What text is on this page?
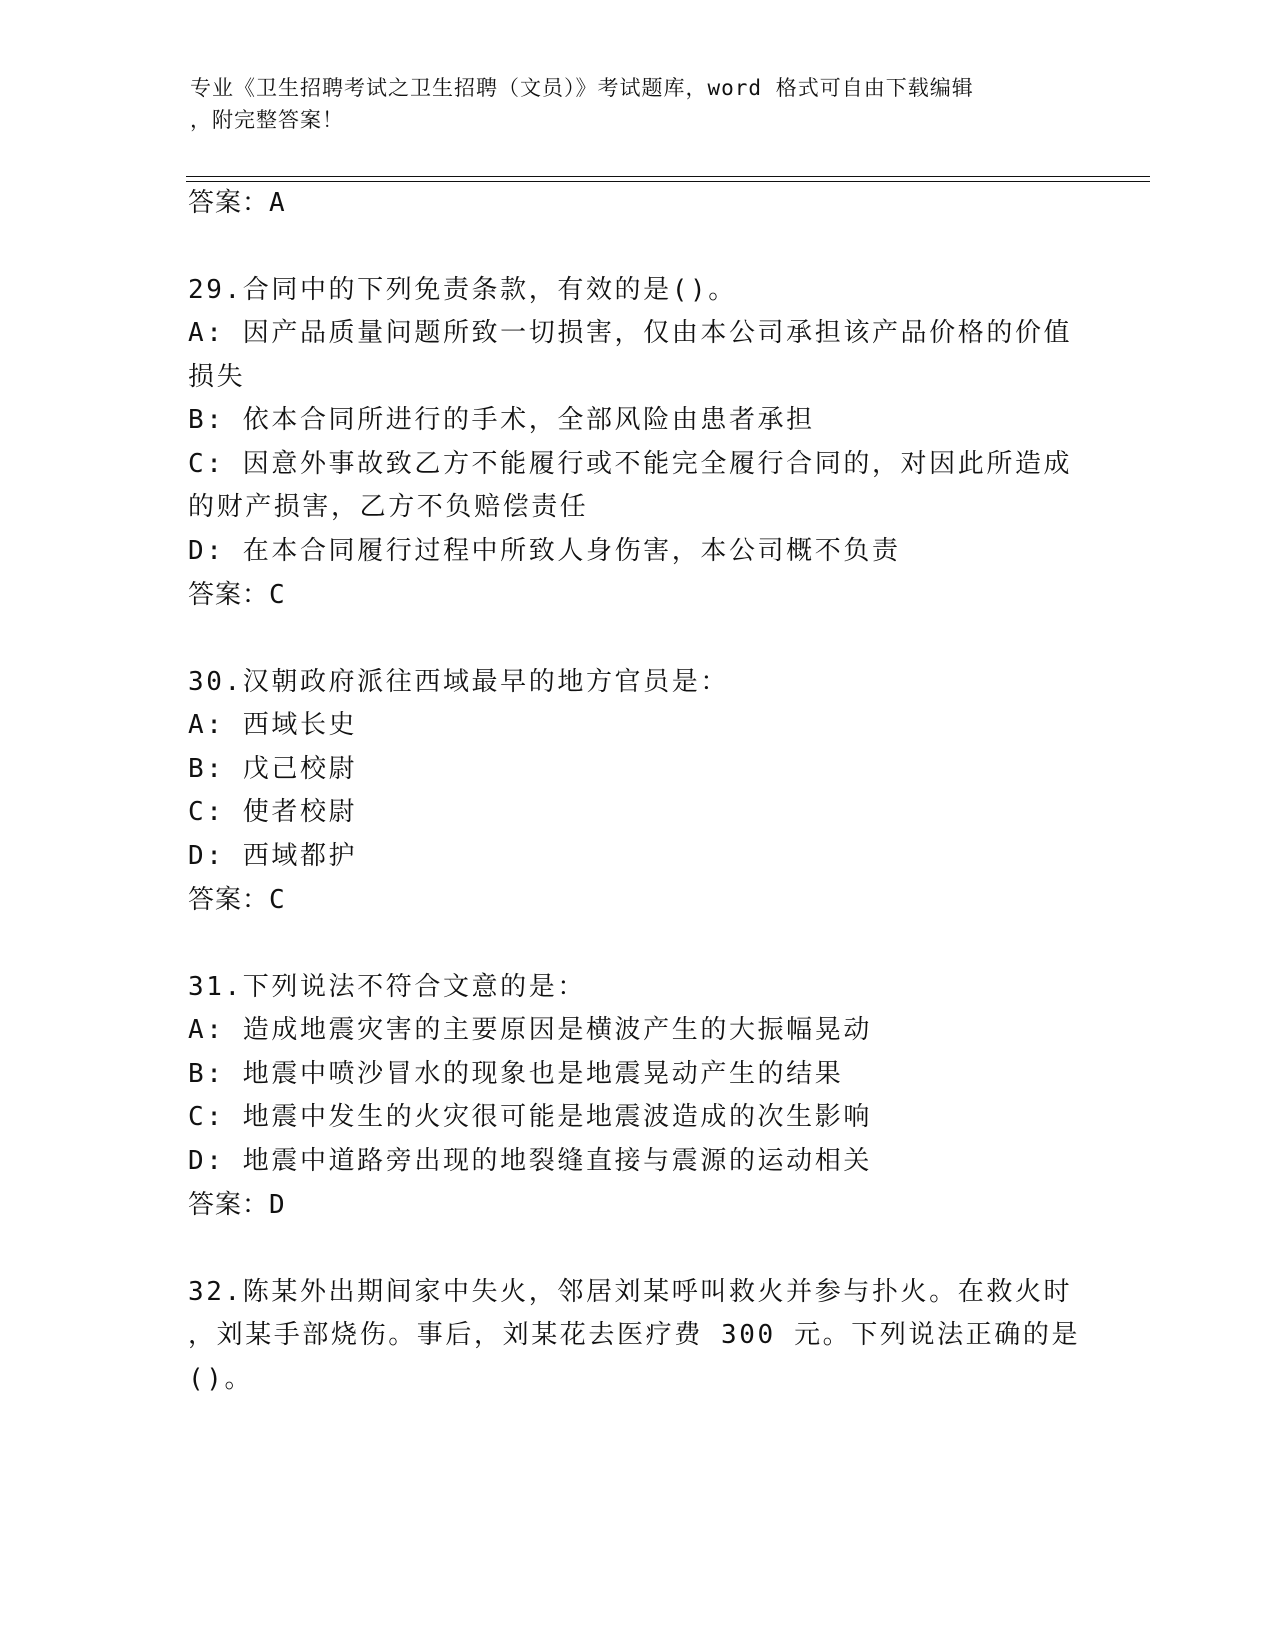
专业《卫生招聘考试之卫生招聘（文员）》考试题库，word 格式可自由下载编辑
，附完整答案！
答案：A
29.合同中的下列免责条款，有效的是()。
A: 因产品质量问题所致一切损害，仅由本公司承担该产品价格的价值
损失
B: 依本合同所进行的手术，全部风险由患者承担
C: 因意外事故致乙方不能履行或不能完全履行合同的，对因此所造成
的财产损害，乙方不负赔偿责任
D: 在本合同履行过程中所致人身伤害，本公司概不负责
答案：C
30.汉朝政府派往西域最早的地方官员是：
A: 西域长史
B: 戊己校尉
C: 使者校尉
D: 西域都护
答案：C
31.下列说法不符合文意的是：
A: 造成地震灾害的主要原因是横波产生的大振幅晃动
B: 地震中喷沙冒水的现象也是地震晃动产生的结果
C: 地震中发生的火灾很可能是地震波造成的次生影响
D: 地震中道路旁出现的地裂缝直接与震源的运动相关
答案：D
32.陈某外出期间家中失火，邻居刘某呼叫救火并参与扑火。在救火时
，刘某手部烧伤。事后，刘某花去医疗费 300 元。下列说法正确的是
()。
